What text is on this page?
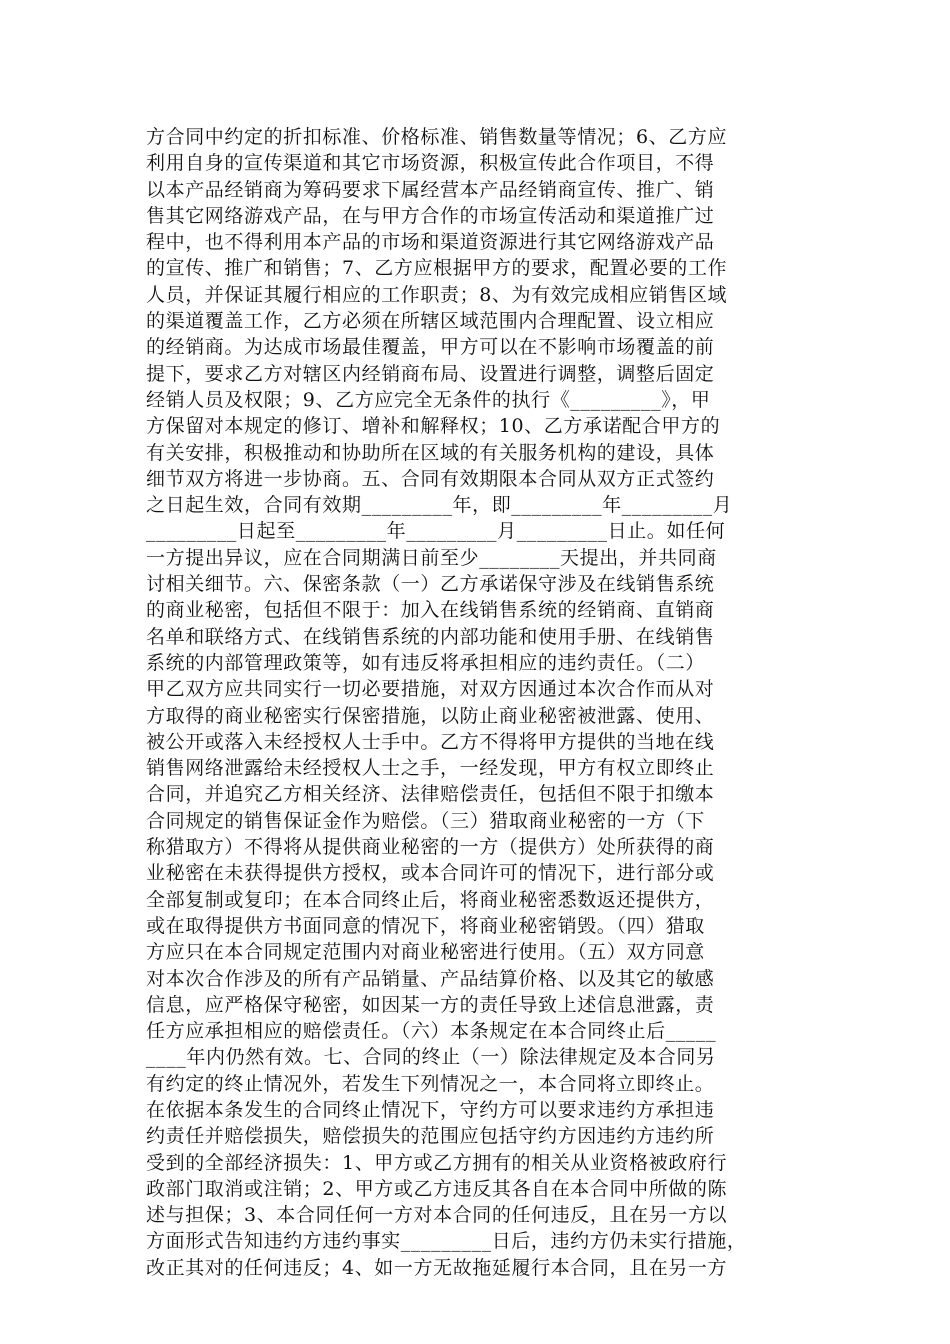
方合同中约定的折扣标准、价格标准、销售数量等情况；6、乙方应
利用自身的宣传渠道和其它市场资源，积极宣传此合作项目，不得
以本产品经销商为筹码要求下属经营本产品经销商宣传、推广、销
售其它网络游戏产品，在与甲方合作的市场宣传活动和渠道推广过
程中，也不得利用本产品的市场和渠道资源进行其它网络游戏产品
的宣传、推广和销售；7、乙方应根据甲方的要求，配置必要的工作
人员，并保证其履行相应的工作职责；8、为有效完成相应销售区域
的渠道覆盖工作，乙方必须在所辖区域范围内合理配置、设立相应
的经销商。为达成市场最佳覆盖，甲方可以在不影响市场覆盖的前
提下，要求乙方对辖区内经销商布局、设置进行调整，调整后固定
经销人员及权限；9、乙方应完全无条件的执行《_________》，甲
方保留对本规定的修订、增补和解释权；10、乙方承诺配合甲方的
有关安排，积极推动和协助所在区域的有关服务机构的建设，具体
细节双方将进一步协商。五、合同有效期限本合同从双方正式签约
之日起生效，合同有效期_________年，即_________年_________月
_________日起至_________年_________月_________日止。如任何
一方提出异议，应在合同期满日前至少________天提出，并共同商
讨相关细节。六、保密条款（一）乙方承诺保守涉及在线销售系统
的商业秘密，包括但不限于：加入在线销售系统的经销商、直销商
名单和联络方式、在线销售系统的内部功能和使用手册、在线销售
系统的内部管理政策等，如有违反将承担相应的违约责任。（二）
甲乙双方应共同实行一切必要措施，对双方因通过本次合作而从对
方取得的商业秘密实行保密措施，以防止商业秘密被泄露、使用、
被公开或落入未经授权人士手中。乙方不得将甲方提供的当地在线
销售网络泄露给未经授权人士之手，一经发现，甲方有权立即终止
合同，并追究乙方相关经济、法律赔偿责任，包括但不限于扣缴本
合同规定的销售保证金作为赔偿。（三）猎取商业秘密的一方（下
称猎取方）不得将从提供商业秘密的一方（提供方）处所获得的商
业秘密在未获得提供方授权，或本合同许可的情况下，进行部分或
全部复制或复印；在本合同终止后，将商业秘密悉数返还提供方，
或在取得提供方书面同意的情况下，将商业秘密销毁。（四）猎取
方应只在本合同规定范围内对商业秘密进行使用。（五）双方同意
对本次合作涉及的所有产品销量、产品结算价格、以及其它的敏感
信息，应严格保守秘密，如因某一方的责任导致上述信息泄露，责
任方应承担相应的赔偿责任。（六）本条规定在本合同终止后_____
____年内仍然有效。七、合同的终止（一）除法律规定及本合同另
有约定的终止情况外，若发生下列情况之一，本合同将立即终止。
在依据本条发生的合同终止情况下，守约方可以要求违约方承担违
约责任并赔偿损失，赔偿损失的范围应包括守约方因违约方违约所
受到的全部经济损失：1、甲方或乙方拥有的相关从业资格被政府行
政部门取消或注销；2、甲方或乙方违反其各自在本合同中所做的陈
述与担保；3、本合同任何一方对本合同的任何违反，且在另一方以
方面形式告知违约方违约事实_________日后，违约方仍未实行措施，
改正其对的任何违反；4、如一方无故拖延履行本合同，且在另一方
